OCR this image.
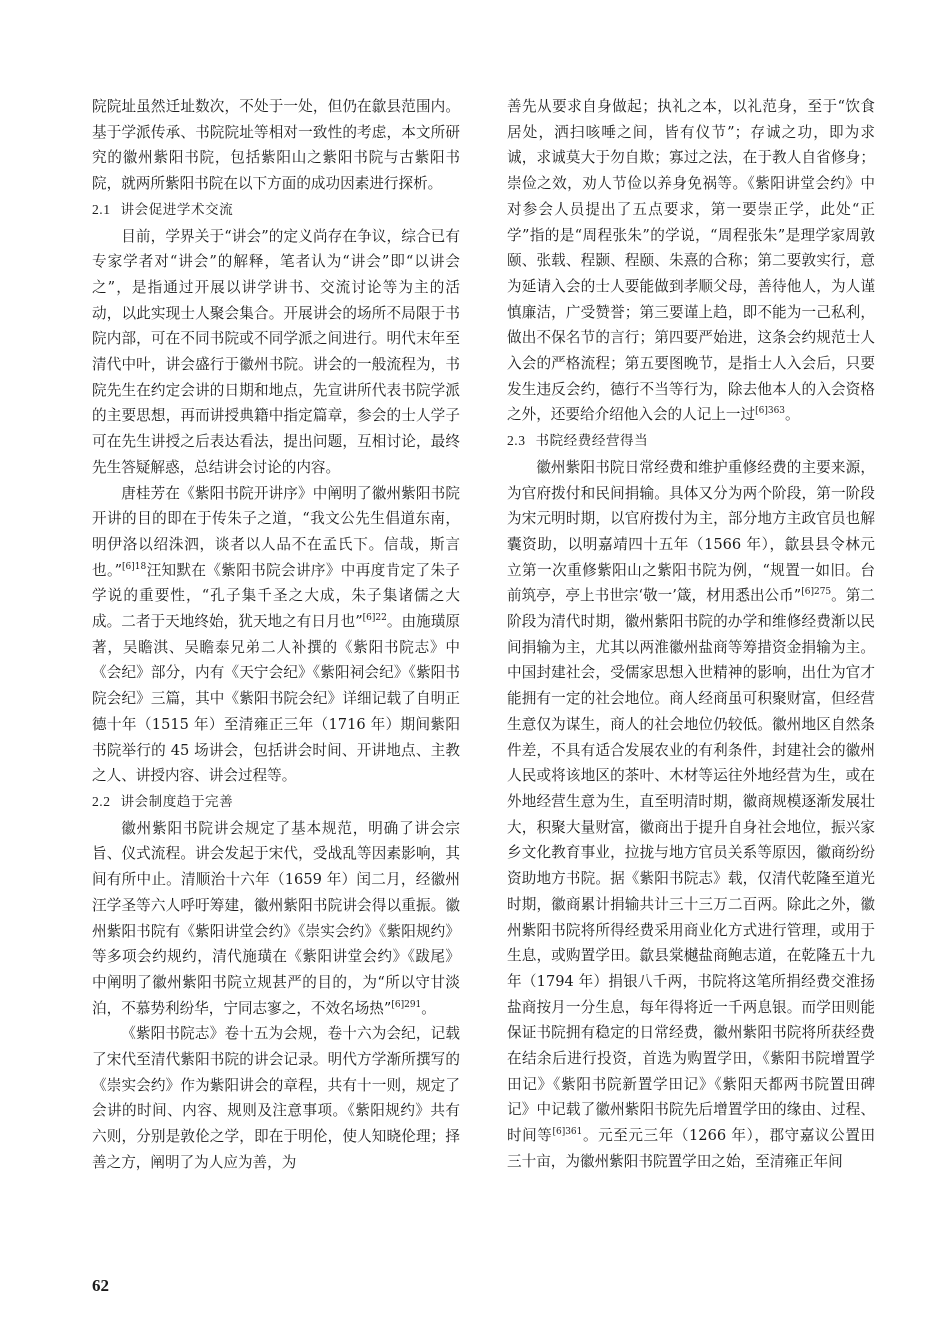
院院址虽然迁址数次，不处于一处，但仍在歙县范围内。基于学派传承、书院院址等相对一致性的考虑，本文所研究的徽州紫阳书院，包括紫阳山之紫阳书院与古紫阳书院，就两所紫阳书院在以下方面的成功因素进行探析。

2.1 讲会促进学术交流

目前，学界关于“讲会”的定义尚存在争议，综合已有专家学者对“讲会”的解释，笔者认为“讲会”即“以讲会之”，是指通过开展以讲学讲书、交流讨论等为主的活动，以此实现士人聚会集合。开展讲会的场所不局限于书院内部，可在不同书院或不同学派之间进行。明代末年至清代中叶，讲会盛行于徽州书院。讲会的一般流程为，书院先生在约定会讲的日期和地点，先宣讲所代表书院学派的主要思想，再而讲授典籍中指定篇章，参会的士人学子可在先生讲授之后表达看法，提出问题，互相讨论，最终先生答疑解惑，总结讲会讨论的内容。

唐桂芳在《紫阳书院开讲序》中阐明了徽州紫阳书院开讲的目的即在于传朱子之道，“我文公先生倡道东南，明伊洛以绍洙泗，谈者以人品不在孟氏下。信哉，斯言也。”$^{[6]18}$汪知默在《紫阳书院会讲序》中再度肯定了朱子学说的重要性，“孔子集千圣之大成，朱子集诸儒之大成。二者于天地终始，犹天地之有日月也”$^{[6]22}$。由施璜原著，吴瞻淇、吴瞻泰兄弟二人补撰的《紫阳书院志》中《会纪》部分，内有《天宁会纪》《紫阳祠会纪》《紫阳书院会纪》三篇，其中《紫阳书院会纪》详细记载了自明正德十年（1515 年）至清雍正三年（1716 年）期间紫阳书院举行的 45 场讲会，包括讲会时间、开讲地点、主教之人、讲授内容、讲会过程等。

2.2 讲会制度趋于完善

徽州紫阳书院讲会规定了基本规范，明确了讲会宗旨、仪式流程。讲会发起于宋代，受战乱等因素影响，其间有所中止。清顺治十六年（1659 年）闰二月，经徽州汪学圣等六人呼吁筹建，徽州紫阳书院讲会得以重振。徽州紫阳书院有《紫阳讲堂会约》《崇实会约》《紫阳规约》等多项会约规约，清代施璜在《紫阳讲堂会约》《跋尾》中阐明了徽州紫阳书院立规甚严的目的，为“所以守甘淡泊，不慕势利纷华，宁同志寥之，不效名场热”$^{[6]291}$。

《紫阳书院志》卷十五为会规，卷十六为会纪，记载了宋代至清代紫阳书院的讲会记录。明代方学渐所撰写的《崇实会约》作为紫阳讲会的章程，共有十一则，规定了会讲的时间、内容、规则及注意事项。《紫阳规约》共有六则，分别是敦伦之学，即在于明伦，使人知晓伦理；择善之方，阐明了为人应为善，为

善先从要求自身做起；执礼之本，以礼范身，至于“饮食居处，洒扫咳唾之间，皆有仪节”；存诚之功，即为求诚，求诚莫大于勿自欺；寡过之法，在于教人自省修身；崇俭之效，劝人节俭以养身免祸等。《紫阳讲堂会约》中对参会人员提出了五点要求，第一要崇正学，此处“正学”指的是“周程张朱”的学说，“周程张朱”是理学家周敦颐、张载、程颢、程颐、朱熹的合称；第二要敦实行，意为延请入会的士人要能做到孝顺父母，善待他人，为人谨慎廉洁，广受赞誉；第三要谨上趋，即不能为一己私利，做出不保名节的言行；第四要严始进，这条会约规范士人入会的严格流程；第五要图晚节，是指士人入会后，只要发生违反会约，德行不当等行为，除去他本人的入会资格之外，还要给介绍他入会的人记上一过$^{[6]363}$。

2.3 书院经费经营得当

徽州紫阳书院日常经费和维护重修经费的主要来源，为官府拨付和民间捐输。具体又分为两个阶段，第一阶段为宋元明时期，以官府拨付为主，部分地方主政官员也解囊资助，以明嘉靖四十五年（1566 年），歙县县令林元立第一次重修紫阳山之紫阳书院为例，“规置一如旧。台前筑亭，亭上书世宗‘敬一’箴，材用悉出公币”$^{[6]275}$。第二阶段为清代时期，徽州紫阳书院的办学和维修经费渐以民间捐输为主，尤其以两淮徽州盐商等筹措资金捐输为主。中国封建社会，受儒家思想入世精神的影响，出仕为官才能拥有一定的社会地位。商人经商虽可积聚财富，但经营生意仅为谋生，商人的社会地位仍较低。徽州地区自然条件差，不具有适合发展农业的有利条件，封建社会的徽州人民或将该地区的茶叶、木材等运往外地经营为生，或在外地经营生意为生，直至明清时期，徽商规模逐渐发展壮大，积聚大量财富，徽商出于提升自身社会地位，振兴家乡文化教育事业，拉拢与地方官员关系等原因，徽商纷纷资助地方书院。据《紫阳书院志》载，仅清代乾隆至道光时期，徽商累计捐输共计三十三万二百两。除此之外，徽州紫阳书院将所得经费采用商业化方式进行管理，或用于生息，或购置学田。歙县棠樾盐商鲍志道，在乾隆五十九年（1794 年）捐银八千两，书院将这笔所捐经费交淮扬盐商按月一分生息，每年得将近一千两息银。而学田则能保证书院拥有稳定的日常经费，徽州紫阳书院将所获经费在结余后进行投资，首选为购置学田，《紫阳书院增置学田记》《紫阳书院新置学田记》《紫阳天都两书院置田碑记》中记载了徽州紫阳书院先后增置学田的缘由、过程、时间等$^{[6]361}$。元至元三年（1266 年），郡守嘉议公置田三十亩，为徽州紫阳书院置学田之始，至清雍正年间

62
